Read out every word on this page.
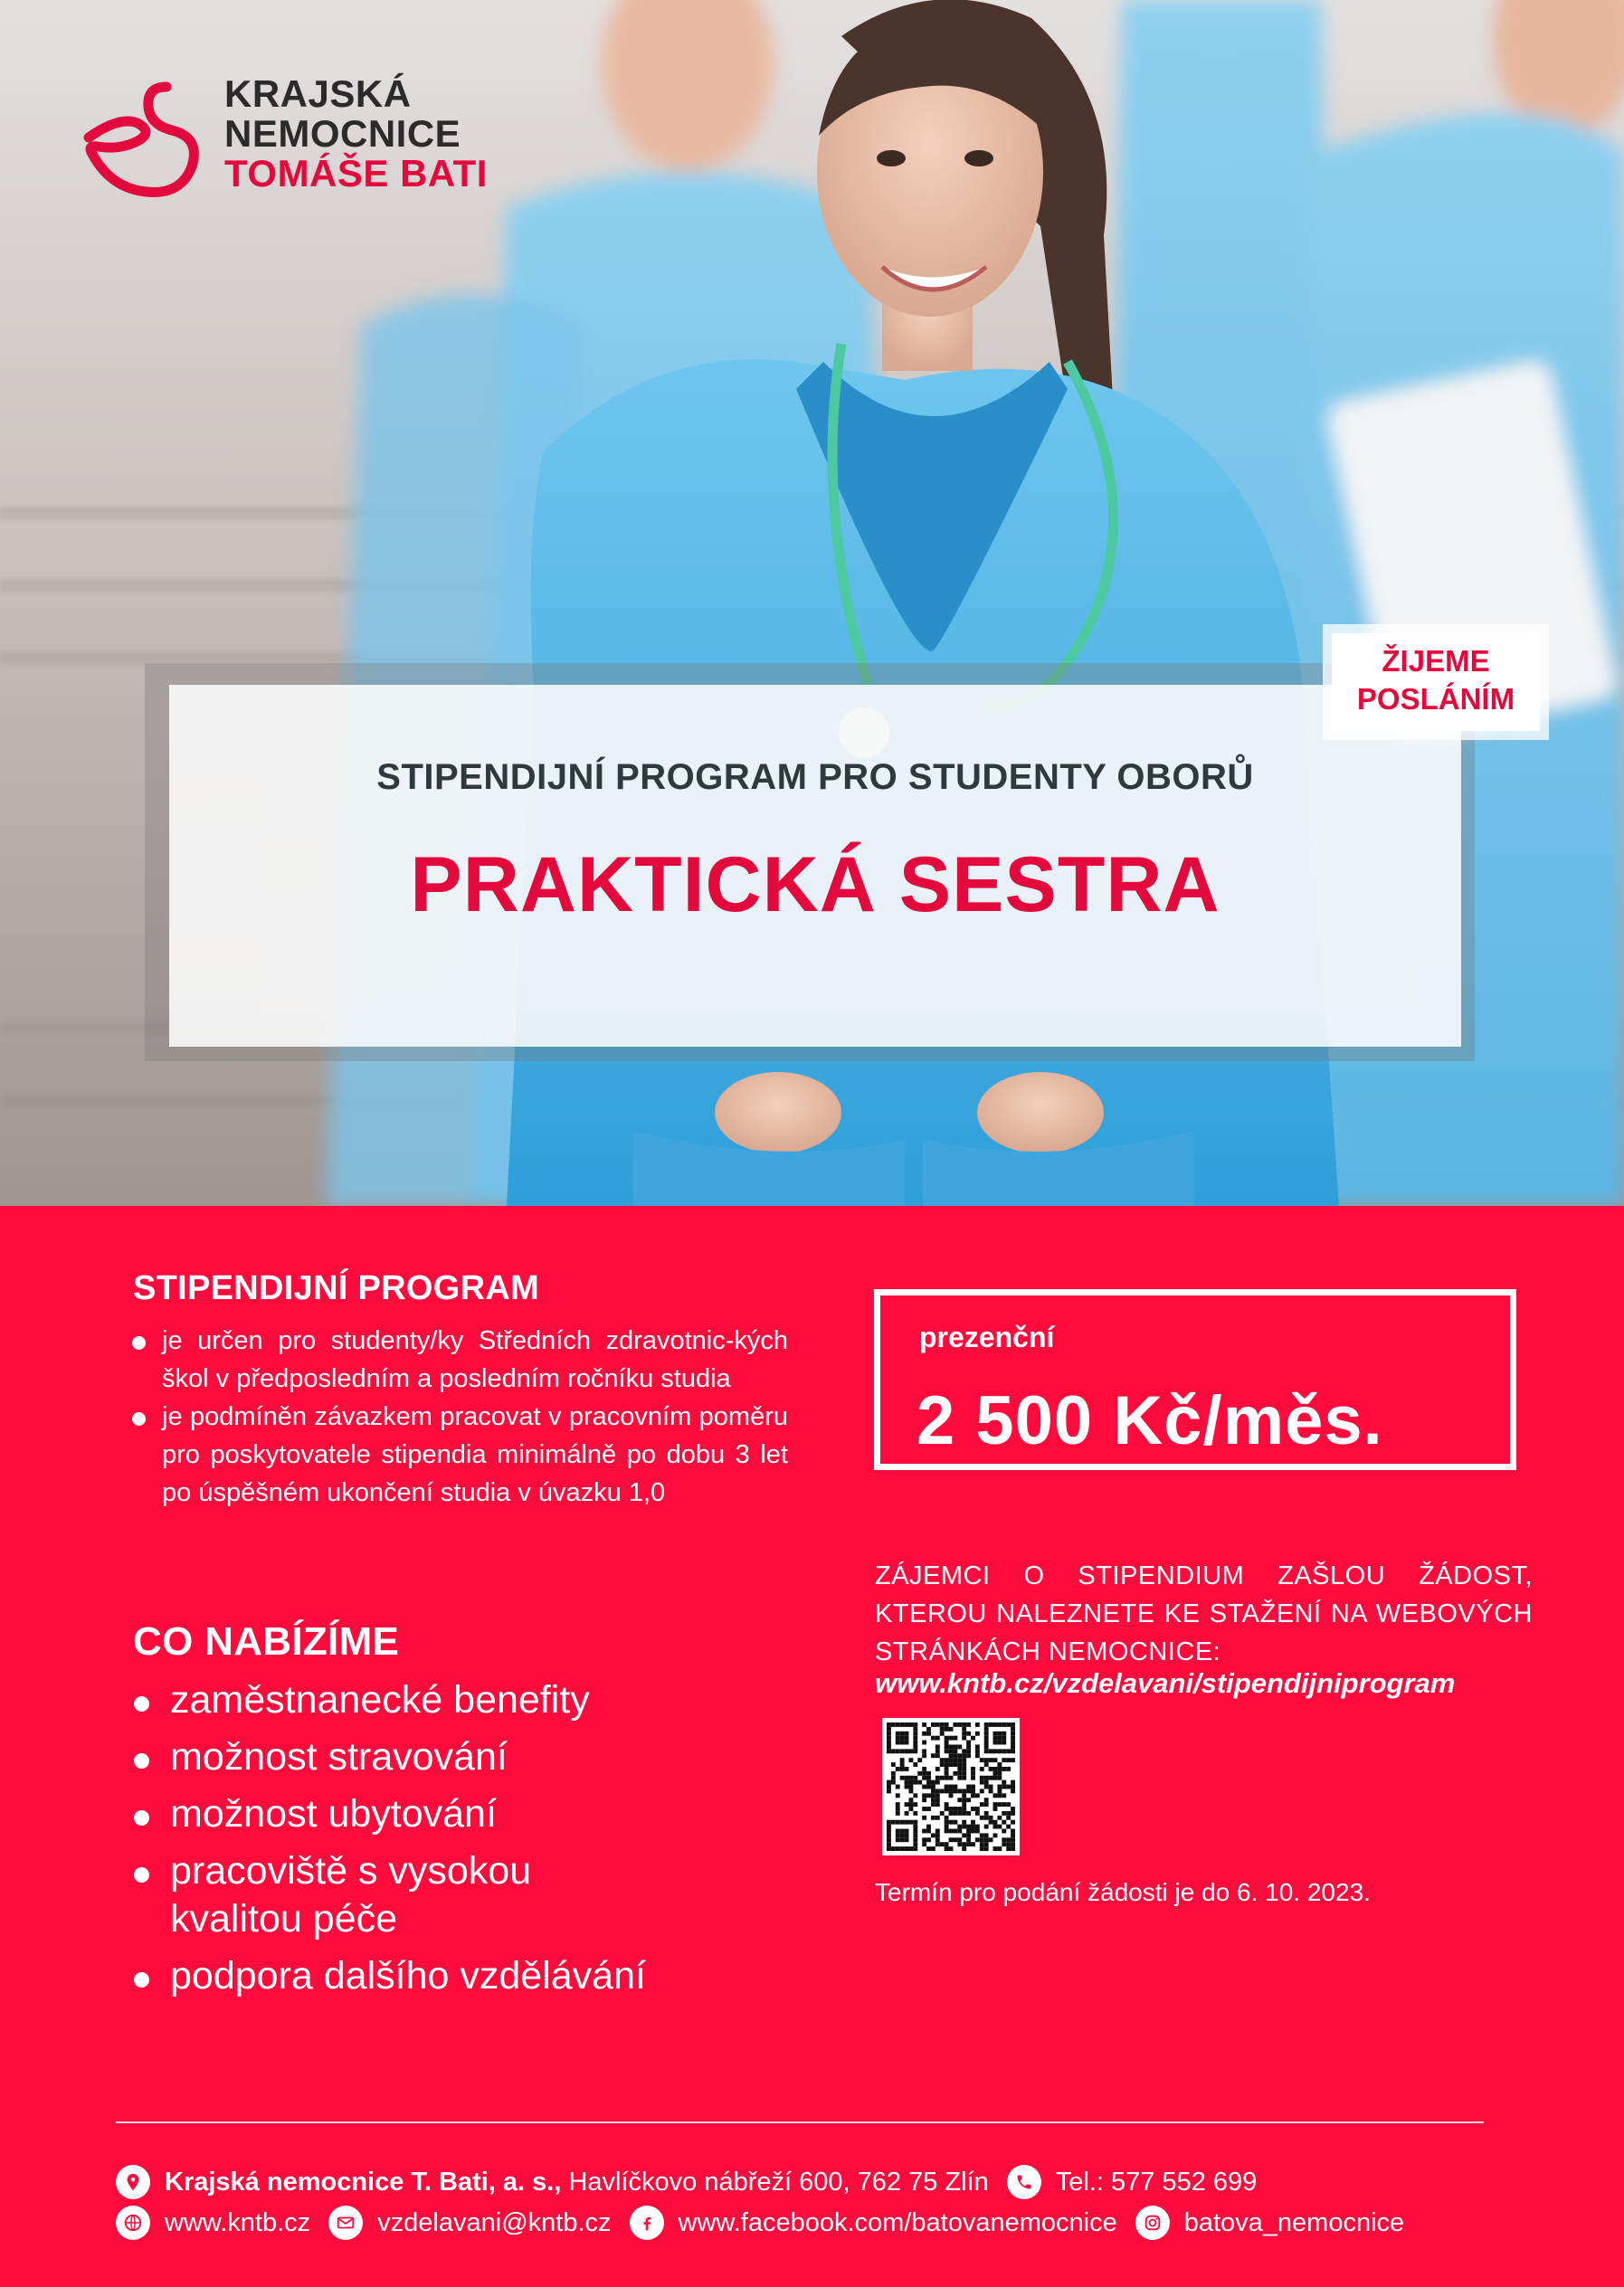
KRAJSKÁ
NEMOCNICE
TOMÁŠE BATI
STIPENDIJNÍ PROGRAM PRO STUDENTY OBORŮ
PRAKTICKÁ SESTRA
ŽIJEME
POSLÁNÍM
STIPENDIJNÍ PROGRAM
je určen pro studenty/ky Středních zdravotnic-kých škol v předposledním a posledním ročníku studia
je podmíněn závazkem pracovat v pracovním poměru pro poskytovatele stipendia minimálně po dobu 3 let po úspěšném ukončení studia v úvazku 1,0
CO NABÍZÍME
zaměstnanecké benefity
možnost stravování
možnost ubytování
pracoviště s vysokou kvalitou péče
podpora dalšího vzdělávání
prezenční
2 500 Kč/měs.
ZÁJEMCI O STIPENDIUM ZAŠLOU ŽÁDOST, KTEROU NALEZNETE KE STAŽENÍ NA WEBOVÝCH STRÁNKÁCH NEMOCNICE:
www.kntb.cz/vzdelavani/stipendijniprogram
Termín pro podání žádosti je do 6. 10. 2023.
Krajská nemocnice T. Bati, a. s.,
Havlíčkovo nábřeží 600, 762 75 Zlín	Tel.: 577 552 699
www.kntb.cz	vzdelavani@kntb.cz	www.facebook.com/batovanemocnice	batova_nemocnice
